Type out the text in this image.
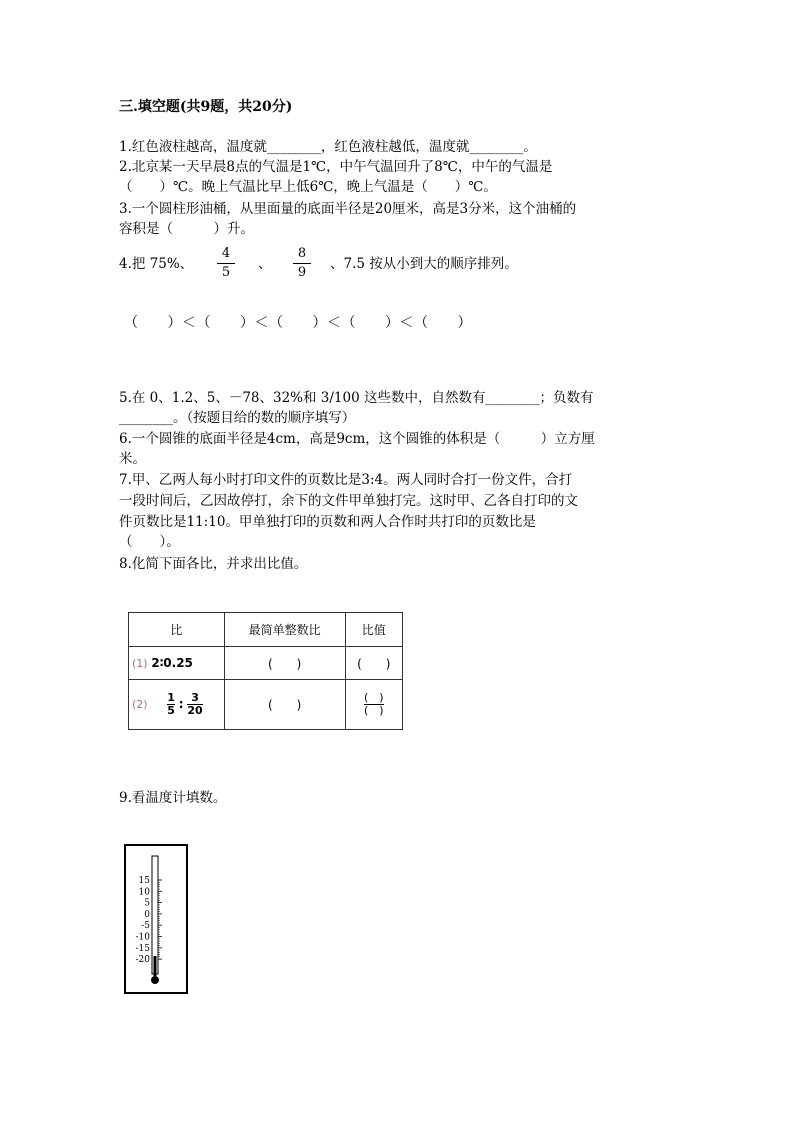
三.填空题(共9题，共20分)
1.红色液柱越高，温度就________，红色液柱越低，温度就________。
2.北京某一天早晨8点的气温是1℃，中午气温回升了8℃，中午的气温是
（　　）℃。晚上气温比早上低6℃，晚上气温是（　　）℃。
3.一个圆柱形油桶，从里面量的底面半径是20厘米，高是3分米，这个油桶的
容积是（　　　）升。
4.把 75%、
4
5
、
8
9
、7.5 按从小到大的顺序排列。
（　　）＜（　　）＜（　　）＜（　　）＜（　　）
5.在 0、1.2、5、－78、32%和 3/100 这些数中，自然数有________；负数有
________。（按题目给的数的顺序填写）
6.一个圆锥的底面半径是4cm，高是9cm，这个圆锥的体积是（　　　）立方厘
米。
7.甲、乙两人每小时打印文件的页数比是3:4。两人同时合打一份文件，合打
一段时间后，乙因故停打，余下的文件甲单独打完。这时甲、乙各自打印的文
件页数比是11:10。甲单独打印的页数和两人合作时共打印的页数比是
（　　）。
8.化简下面各比，并求出比值。
比	最简单整数比	比值
(1) 2∶0.25	(　　)	(　　)
$(2) \frac{1}{5}$ : $\frac{3}{20}$	(　　)	$\frac{( )}{( )}$
9.看温度计填数。
15
10
5
0
-5
-10
-15
-20
